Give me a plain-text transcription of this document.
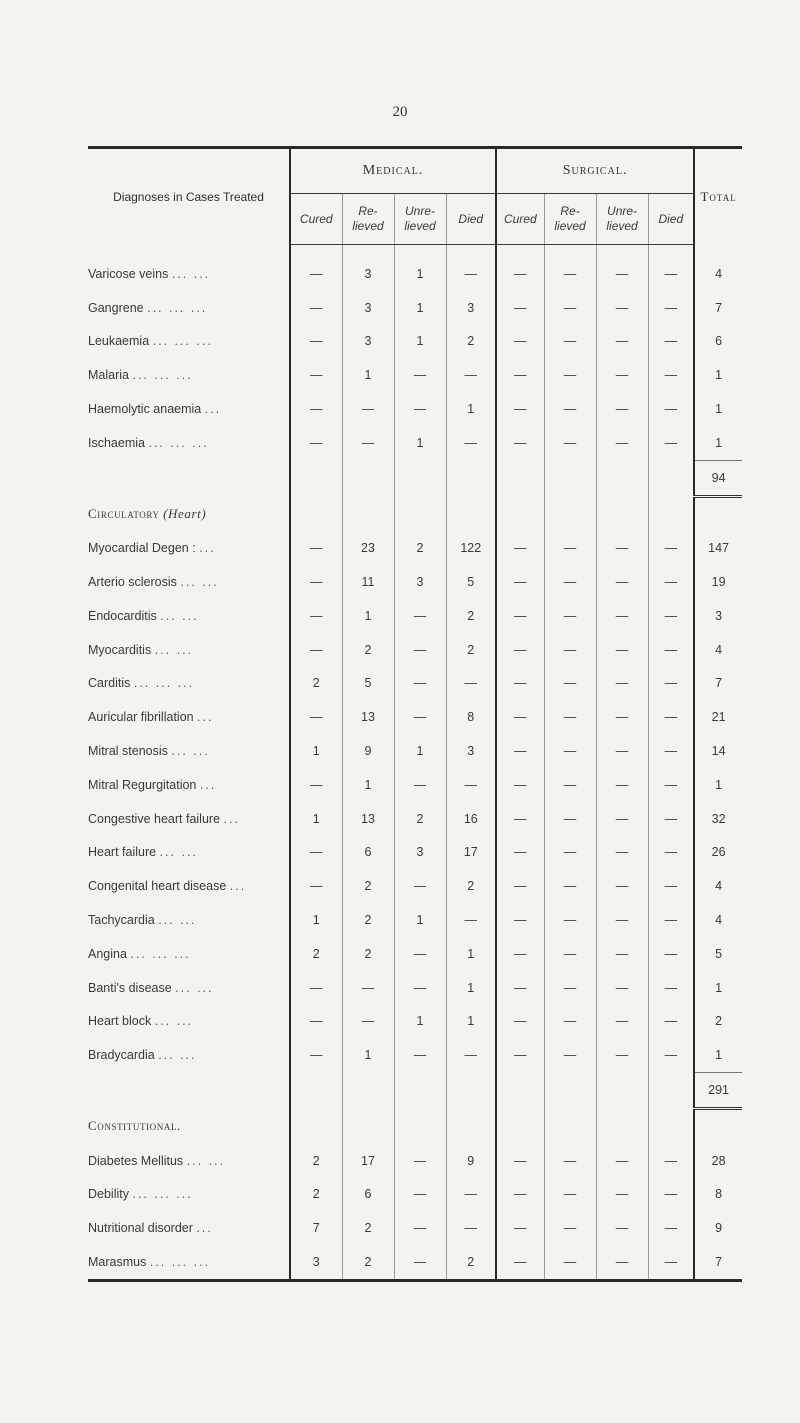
20
Diagnoses in Cases Treated	Medical.				Surgical.				Total
	Cured	Re- lieved	Unre- lieved	Died	Cured	Re- lieved	Unre- lieved	Died	
Varicose veins ... ...	—	3	1	—	—	—	—	—	4
Gangrene ... ... ...	—	3	1	3	—	—	—	—	7
Leukaemia ... ... ...	—	3	1	2	—	—	—	—	6
Malaria ... ... ...	—	1	—	—	—	—	—	—	1
Haemolytic anaemia ...	—	—	—	1	—	—	—	—	1
Ischaemia ... ... ...	—	—	1	—	—	—	—	—	1
									94
Circulatory (Heart)									
Myocardial Degen : ...	—	23	2	122	—	—	—	—	147
Arterio sclerosis ... ...	—	11	3	5	—	—	—	—	19
Endocarditis ... ...	—	1	—	2	—	—	—	—	3
Myocarditis ... ...	—	2	—	2	—	—	—	—	4
Carditis ... ... ...	2	5	—	—	—	—	—	—	7
Auricular fibrillation ...	—	13	—	8	—	—	—	—	21
Mitral stenosis ... ...	1	9	1	3	—	—	—	—	14
Mitral Regurgitation ...	—	1	—	—	—	—	—	—	1
Congestive heart failure ...	1	13	2	16	—	—	—	—	32
Heart failure ... ...	—	6	3	17	—	—	—	—	26
Congenital heart disease ...	—	2	—	2	—	—	—	—	4
Tachycardia ... ...	1	2	1	—	—	—	—	—	4
Angina ... ... ...	2	2	—	1	—	—	—	—	5
Banti's disease ... ...	—	—	—	1	—	—	—	—	1
Heart block ... ...	—	—	1	1	—	—	—	—	2
Bradycardia ... ...	—	1	—	—	—	—	—	—	1
									291
Constitutional.									
Diabetes Mellitus ... ...	2	17	—	9	—	—	—	—	28
Debility ... ... ...	2	6	—	—	—	—	—	—	8
Nutritional disorder ...	7	2	—	—	—	—	—	—	9
Marasmus ... ... ...	3	2	—	2	—	—	—	—	7
